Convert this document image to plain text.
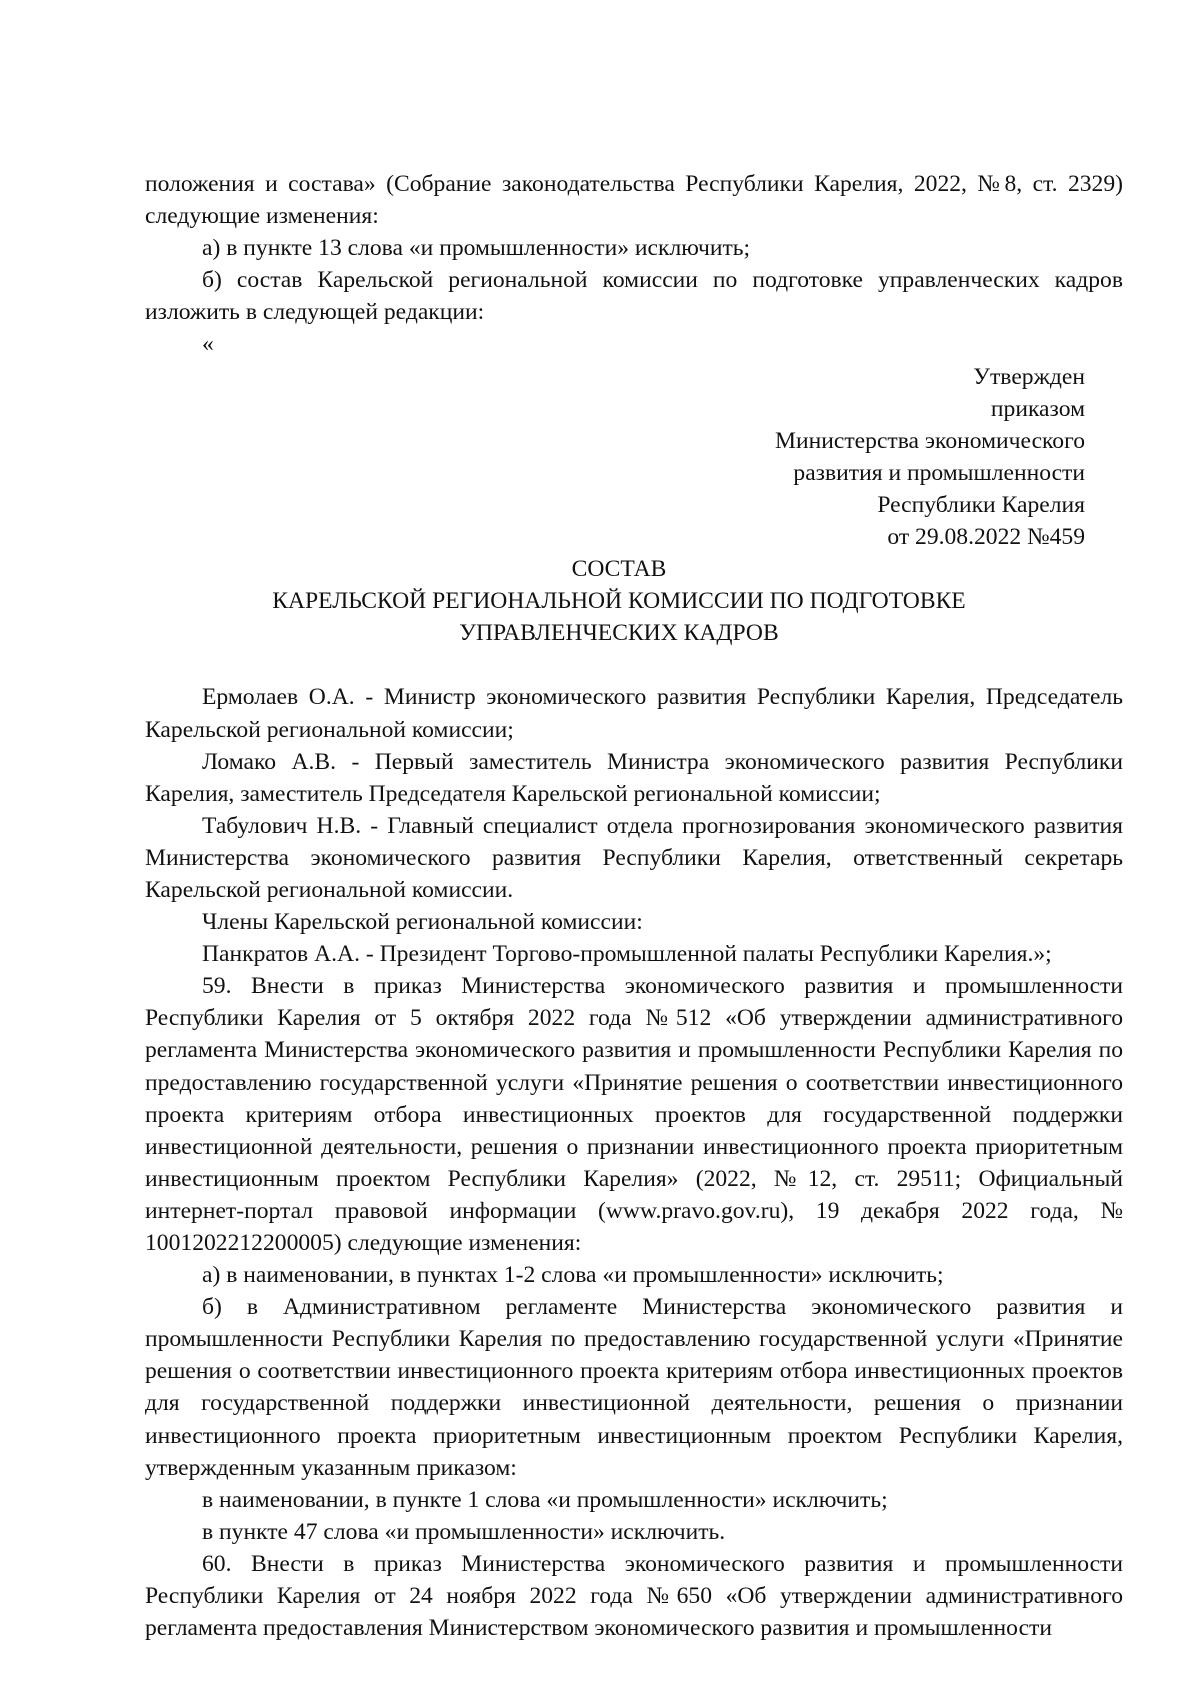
положения и состава» (Собрание законодательства Республики Карелия, 2022, №8, ст. 2329) следующие изменения:

а) в пункте 13 слова «и промышленности» исключить;

б) состав Карельской региональной комиссии по подготовке управленческих кадров изложить в следующей редакции:

«

Утвержден

приказом

Министерства экономического

развития и промышленности

Республики Карелия

от 29.08.2022 №459

СОСТАВ

КАРЕЛЬСКОЙ РЕГИОНАЛЬНОЙ КОМИССИИ ПО ПОДГОТОВКЕ

УПРАВЛЕНЧЕСКИХ КАДРОВ

Ермолаев О.А. - Министр экономического развития Республики Карелия, Председатель Карельской региональной комиссии;

Ломако А.В. - Первый заместитель Министра экономического развития Республики Карелия, заместитель Председателя Карельской региональной комиссии;

Табулович Н.В. - Главный специалист отдела прогнозирования экономического развития Министерства экономического развития Республики Карелия, ответственный секретарь Карельской региональной комиссии.

Члены Карельской региональной комиссии:

Панкратов А.А. - Президент Торгово-промышленной палаты Республики Карелия.»;

59. Внести в приказ Министерства экономического развития и промышленности Республики Карелия от 5 октября 2022 года №512 «Об утверждении административного регламента Министерства экономического развития и промышленности Республики Карелия по предоставлению государственной услуги «Принятие решения о соответствии инвестиционного проекта критериям отбора инвестиционных проектов для государственной поддержки инвестиционной деятельности, решения о признании инвестиционного проекта приоритетным инвестиционным проектом Республики Карелия» (2022, №12, ст. 29511; Официальный интернет-портал правовой информации (www.pravo.gov.ru), 19 декабря 2022 года, № 1001202212200005) следующие изменения:

а) в наименовании, в пунктах 1-2 слова «и промышленности» исключить;

б) в Административном регламенте Министерства экономического развития и промышленности Республики Карелия по предоставлению государственной услуги «Принятие решения о соответствии инвестиционного проекта критериям отбора инвестиционных проектов для государственной поддержки инвестиционной деятельности, решения о признании инвестиционного проекта приоритетным инвестиционным проектом Республики Карелия, утвержденным указанным приказом:

в наименовании, в пункте 1 слова «и промышленности» исключить;

в пункте 47 слова «и промышленности» исключить.

60. Внести в приказ Министерства экономического развития и промышленности Республики Карелия от 24 ноября 2022 года №650 «Об утверждении административного регламента предоставления Министерством экономического развития и промышленности
